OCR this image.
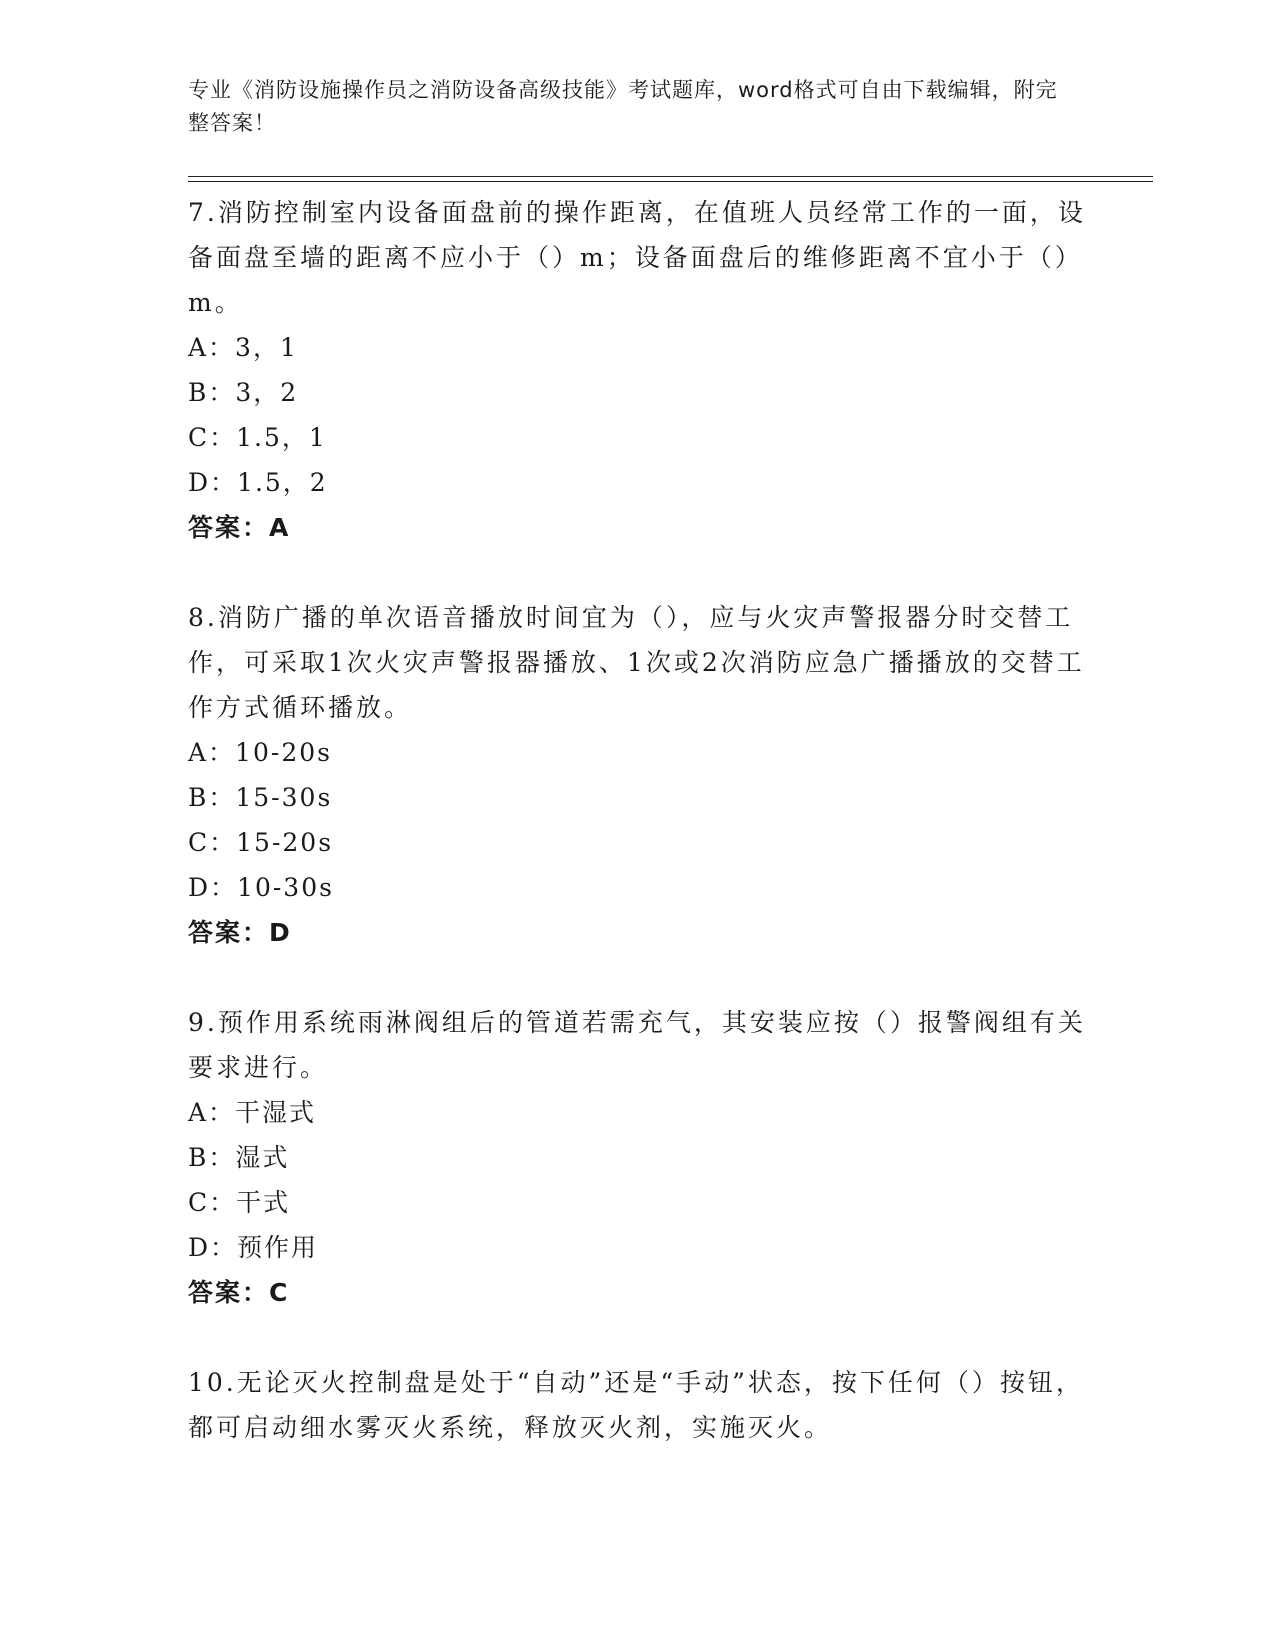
专业《消防设施操作员之消防设备高级技能》考试题库，word格式可自由下载编辑，附完整答案！

7.消防控制室内设备面盘前的操作距离，在值班人员经常工作的一面，设备面盘至墙的距离不应小于（）m；设备面盘后的维修距离不宜小于（）m。

A：3，1

B：3，2

C：1.5，1

D：1.5，2

答案：A

8.消防广播的单次语音播放时间宜为（），应与火灾声警报器分时交替工作，可采取1次火灾声警报器播放、1次或2次消防应急广播播放的交替工作方式循环播放。

A：10-20s

B：15-30s

C：15-20s

D：10-30s

答案：D

9.预作用系统雨淋阀组后的管道若需充气，其安装应按（）报警阀组有关要求进行。

A：干湿式

B：湿式

C：干式

D：预作用

答案：C

10.无论灭火控制盘是处于“自动”还是“手动”状态，按下任何（）按钮，都可启动细水雾灭火系统，释放灭火剂，实施灭火。
